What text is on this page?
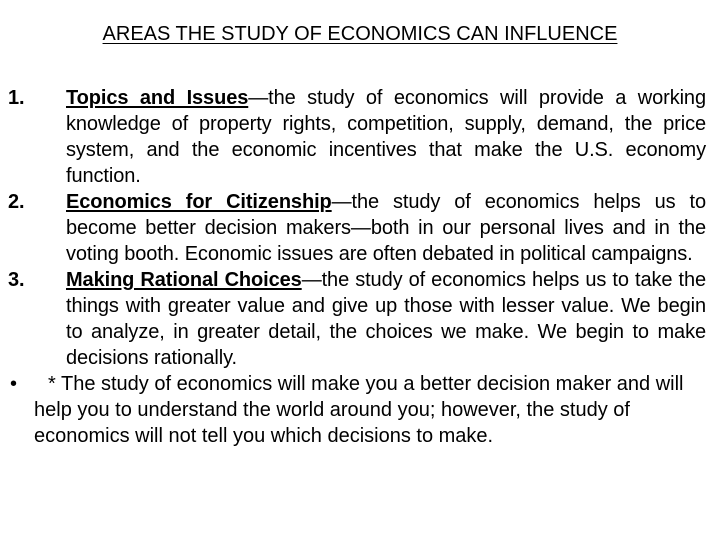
AREAS THE STUDY OF ECONOMICS CAN INFLUENCE
1. Topics and Issues—the study of economics will provide a working knowledge of property rights, competition, supply, demand, the price system, and the economic incentives that make the U.S. economy function.
2. Economics for Citizenship—the study of economics helps us to become better decision makers—both in our personal lives and in the voting booth. Economic issues are often debated in political campaigns.
3. Making Rational Choices—the study of economics helps us to take the things with greater value and give up those with lesser value. We begin to analyze, in greater detail, the choices we make. We begin to make decisions rationally.
•	* The study of economics will make you a better decision maker and will help you to understand the world around you; however, the study of economics will not tell you which decisions to make.
